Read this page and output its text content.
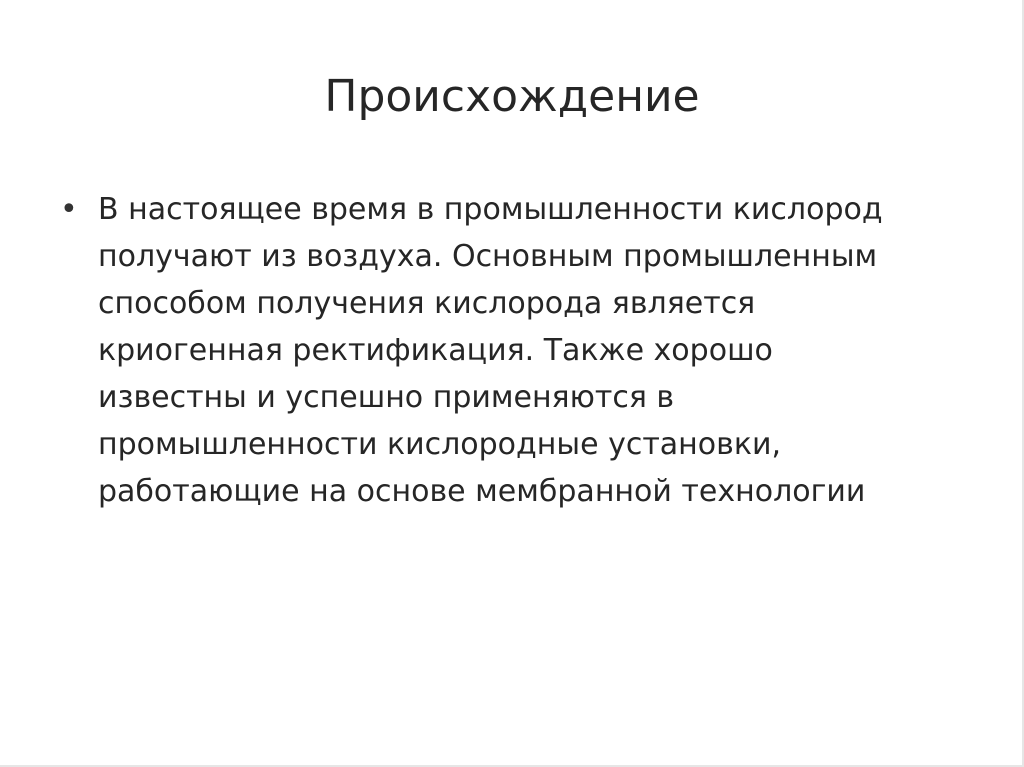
Происхождение
• В настоящее время в промышленности кислород
получают из воздуха. Основным промышленным
способом получения кислорода является
криогенная ректификация. Также хорошо
известны и успешно применяются в
промышленности кислородные установки,
работающие на основе мембранной технологии
